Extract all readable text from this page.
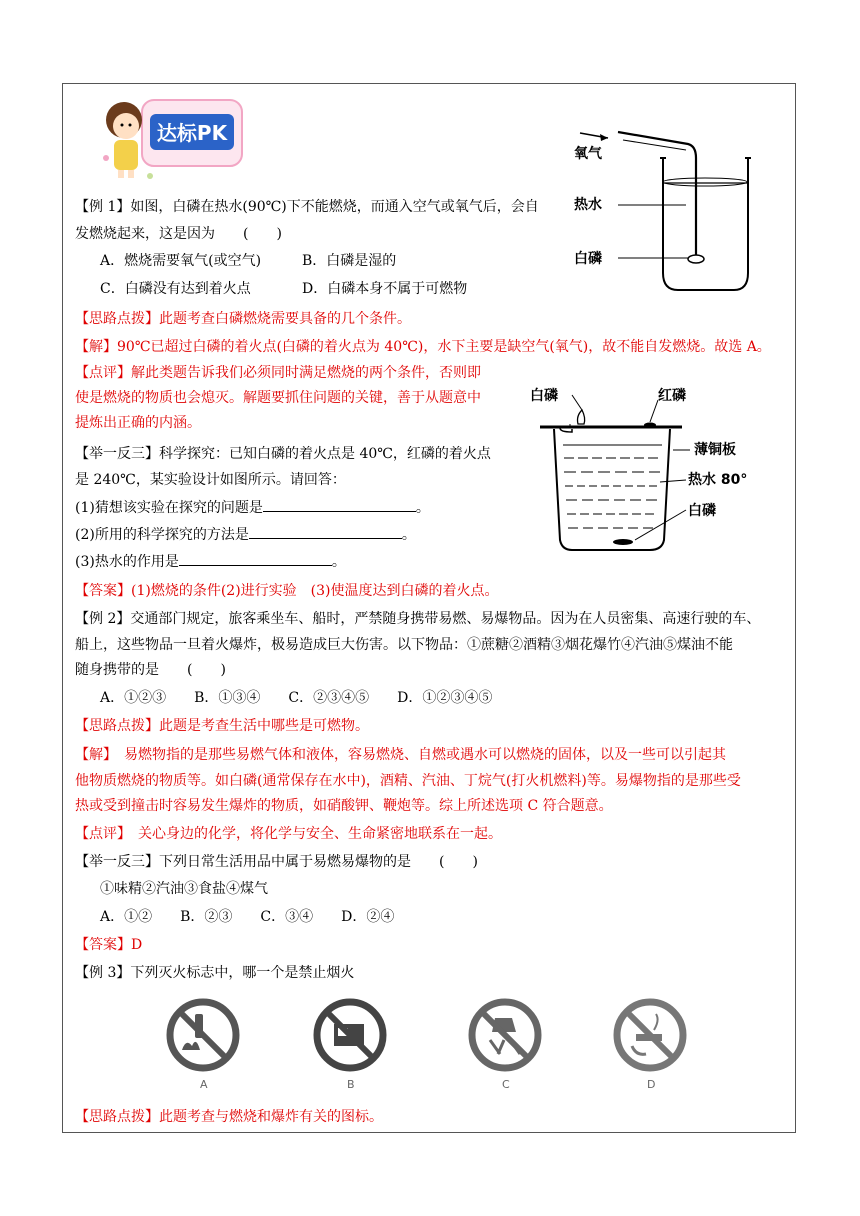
达标PK
氧气
热水
白磷
白磷	红磷
薄铜板
热水 80°
白磷
【例 1】如图，白磷在热水(90℃)下不能燃烧，而通入空气或氧气后，会自
发燃烧起来，这是因为　　(　　)
A．燃烧需要氧气(或空气)	B．白磷是湿的
C．白磷没有达到着火点	D．白磷本身不属于可燃物
【思路点拨】此题考查白磷燃烧需要具备的几个条件。
【解】90℃已超过白磷的着火点(白磷的着火点为 40℃)，水下主要是缺空气(氧气)，故不能自发燃烧。故选 A。
【点评】解此类题告诉我们必须同时满足燃烧的两个条件，否则即
使是燃烧的物质也会熄灭。解题要抓住问题的关键，善于从题意中
提炼出正确的内涵。
【举一反三】科学探究：已知白磷的着火点是 40℃，红磷的着火点
是 240℃，某实验设计如图所示。请回答：
(1)猜想该实验在探究的问题是	。
(2)所用的科学探究的方法是	。
(3)热水的作用是	。
【答案】(1)燃烧的条件(2)进行实验　(3)使温度达到白磷的着火点。
【例 2】交通部门规定，旅客乘坐车、船时，严禁随身携带易燃、易爆物品。因为在人员密集、高速行驶的车、
船上，这些物品一旦着火爆炸，极易造成巨大伤害。以下物品：①蔗糖②酒精③烟花爆竹④汽油⑤煤油不能
随身携带的是　　(　　)
A．①②③　　B．①③④　　C．②③④⑤　　D．①②③④⑤
【思路点拨】此题是考查生活中哪些是可燃物。
【解】　易燃物指的是那些易燃气体和液体，容易燃烧、自燃或遇水可以燃烧的固体，以及一些可以引起其
他物质燃烧的物质等。如白磷(通常保存在水中)，酒精、汽油、丁烷气(打火机燃料)等。易爆物指的是那些受
热或受到撞击时容易发生爆炸的物质，如硝酸钾、鞭炮等。综上所述选项 C 符合题意。
【点评】　关心身边的化学，将化学与安全、生命紧密地联系在一起。
【举一反三】下列日常生活用品中属于易燃易爆物的是　　(　　)
①味精②汽油③食盐④煤气
A．①②　　B．②③　　C．③④　　D．②④
【答案】D
【例 3】下列灭火标志中，哪一个是禁止烟火
A	B	C	D
【思路点拨】此题考查与燃烧和爆炸有关的图标。
